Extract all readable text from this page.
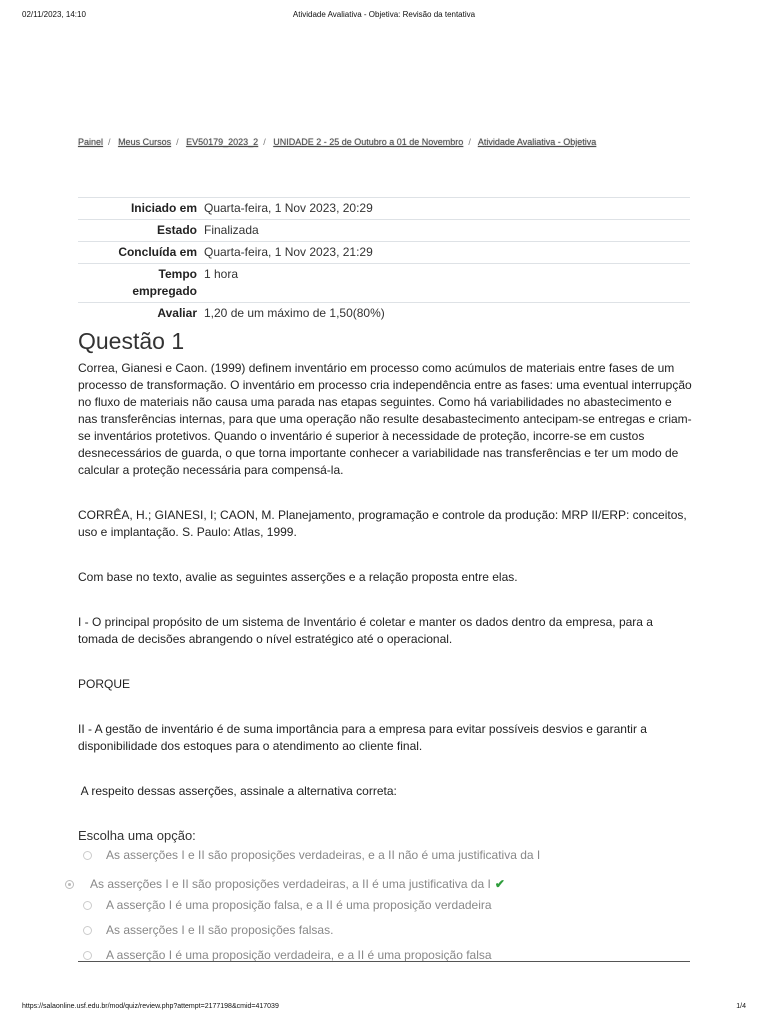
02/11/2023, 14:10	Atividade Avaliativa - Objetiva: Revisão da tentativa
Painel / Meus Cursos / EV50179_2023_2 / UNIDADE 2 - 25 de Outubro a 01 de Novembro / Atividade Avaliativa - Objetiva
Iniciado em	Quarta-feira, 1 Nov 2023, 20:29
Estado	Finalizada
Concluída em	Quarta-feira, 1 Nov 2023, 21:29
Tempo empregado	1 hora
Avaliar	1,20 de um máximo de 1,50(80%)
Questão 1

Correa, Gianesi e Caon. (1999) definem inventário em processo como acúmulos de materiais entre fases de um processo de transformação. O inventário em processo cria independência entre as fases: uma eventual interrupção no fluxo de materiais não causa uma parada nas etapas seguintes. Como há variabilidades no abastecimento e nas transferências internas, para que uma operação não resulte desabastecimento antecipam-se entregas e criam-se inventários protetivos. Quando o inventário é superior à necessidade de proteção, incorre-se em custos desnecessários de guarda, o que torna importante conhecer a variabilidade nas transferências e ter um modo de calcular a proteção necessária para compensá-la.

CORRÊA, H.; GIANESI, I; CAON, M. Planejamento, programação e controle da produção: MRP II/ERP: conceitos, uso e implantação. S. Paulo: Atlas, 1999.

Com base no texto, avalie as seguintes asserções e a relação proposta entre elas.

I - O principal propósito de um sistema de Inventário é coletar e manter os dados dentro da empresa, para a tomada de decisões abrangendo o nível estratégico até o operacional.

PORQUE

II - A gestão de inventário é de suma importância para a empresa para evitar possíveis desvios e garantir a disponibilidade dos estoques para o atendimento ao cliente final.

A respeito dessas asserções, assinale a alternativa correta:

Escolha uma opção:
As asserções I e II são proposições verdadeiras, e a II não é uma justificativa da I
As asserções I e II são proposições verdadeiras, a II é uma justificativa da I ✔
A asserção I é uma proposição falsa, e a II é uma proposição verdadeira
As asserções I e II são proposições falsas.
A asserção I é uma proposição verdadeira, e a II é uma proposição falsa
https://salaonline.usf.edu.br/mod/quiz/review.php?attempt=2177198&cmid=417039	1/4
